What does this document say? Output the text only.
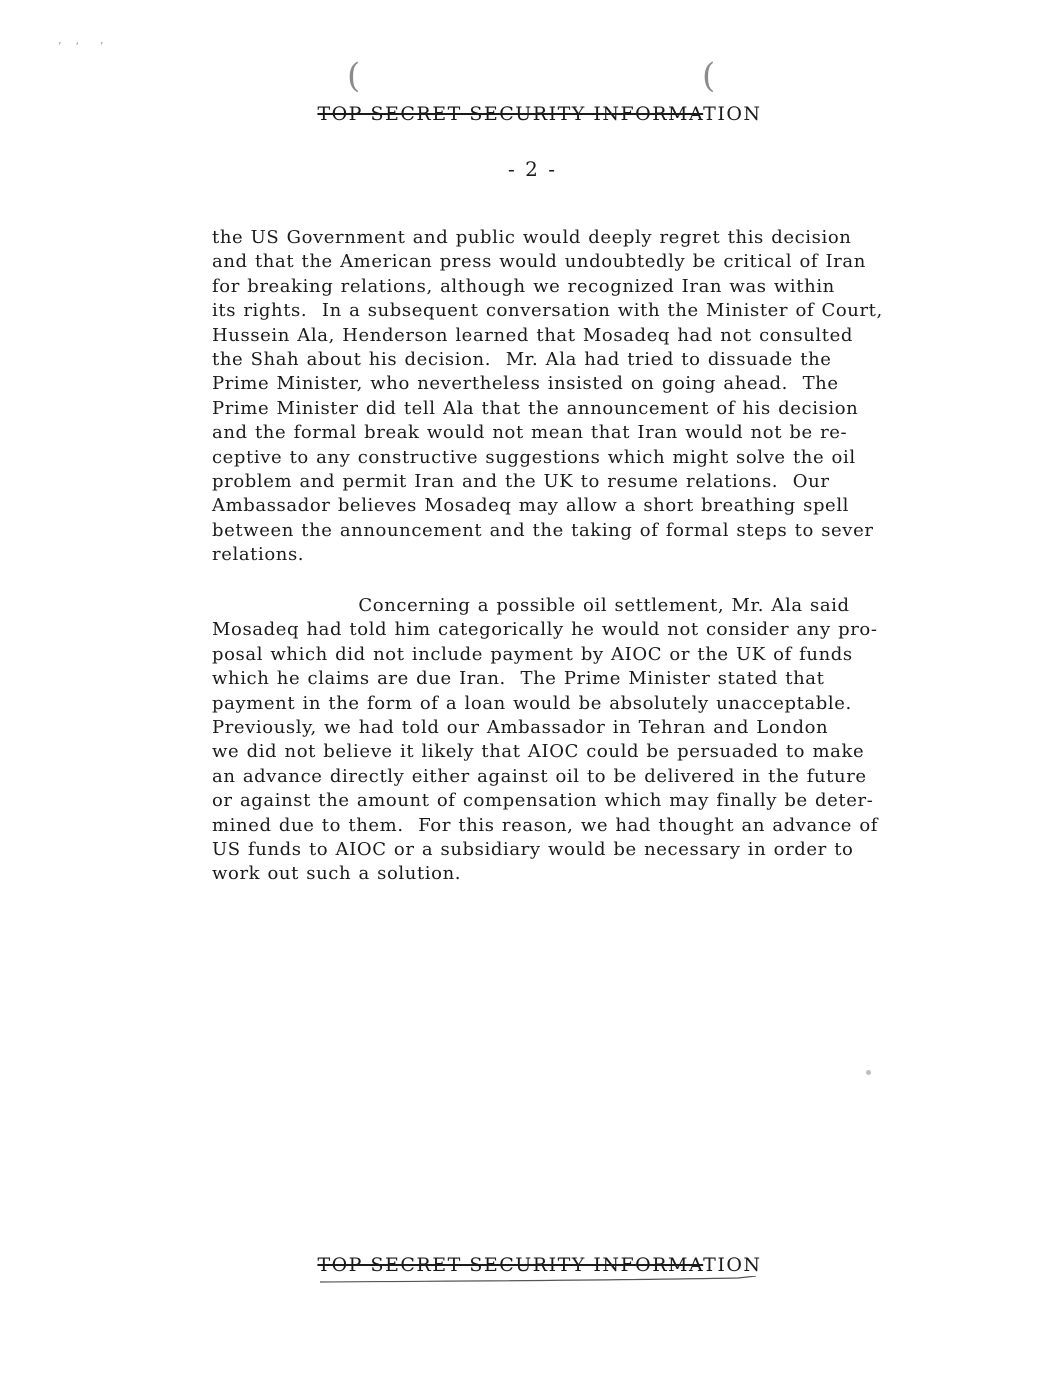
’    ‘      ’
(	(
TOP SECRET SECURITY INFORMATION
- 2 -
the US Government and public would deeply regret this decision
and that the American press would undoubtedly be critical of Iran
for breaking relations, although we recognized Iran was within
its rights.  In a subsequent conversation with the Minister of Court,
Hussein Ala, Henderson learned that Mosadeq had not consulted
the Shah about his decision.  Mr. Ala had tried to dissuade the
Prime Minister, who nevertheless insisted on going ahead.  The
Prime Minister did tell Ala that the announcement of his decision
and the formal break would not mean that Iran would not be re-
ceptive to any constructive suggestions which might solve the oil
problem and permit Iran and the UK to resume relations.  Our
Ambassador believes Mosadeq may allow a short breathing spell
between the announcement and the taking of formal steps to sever
relations.
Concerning a possible oil settlement, Mr. Ala said
Mosadeq had told him categorically he would not consider any pro-
posal which did not include payment by AIOC or the UK of funds
which he claims are due Iran.  The Prime Minister stated that
payment in the form of a loan would be absolutely unacceptable.
Previously, we had told our Ambassador in Tehran and London
we did not believe it likely that AIOC could be persuaded to make
an advance directly either against oil to be delivered in the future
or against the amount of compensation which may finally be deter-
mined due to them.  For this reason, we had thought an advance of
US funds to AIOC or a subsidiary would be necessary in order to
work out such a solution.
TOP SECRET SECURITY INFORMATION
